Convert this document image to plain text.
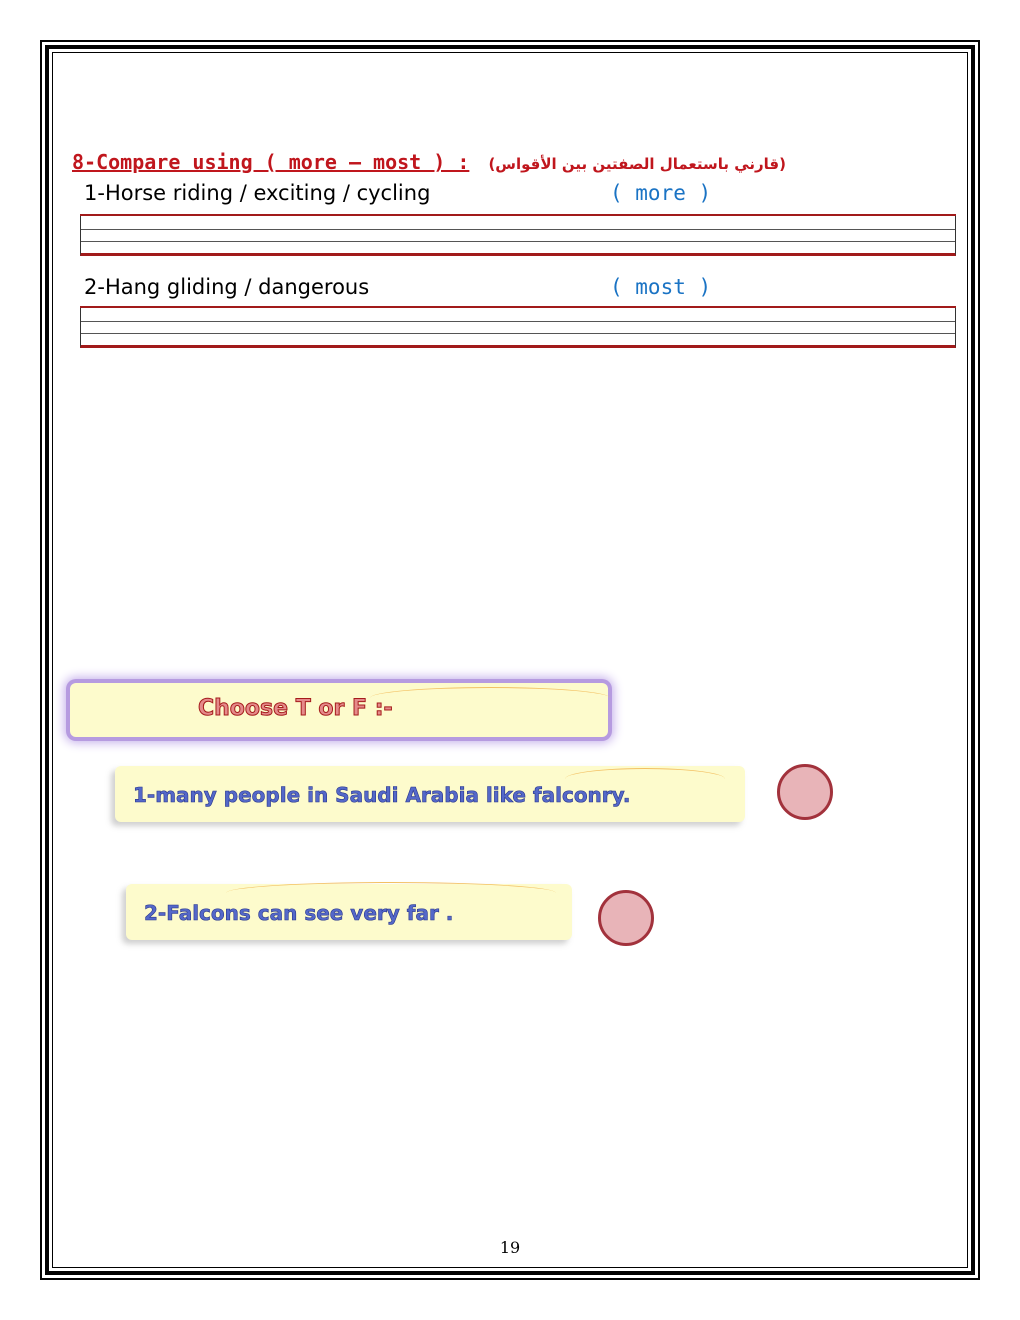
8-Compare using ( more – most ) : (قارني باستعمال الصفتين بين الأقواس)
1-Horse riding / exciting / cycling	( more )
2-Hang gliding / dangerous	( most )
Choose T or F :-
1-many people in Saudi Arabia like falconry.
2-Falcons can see very far .
19
